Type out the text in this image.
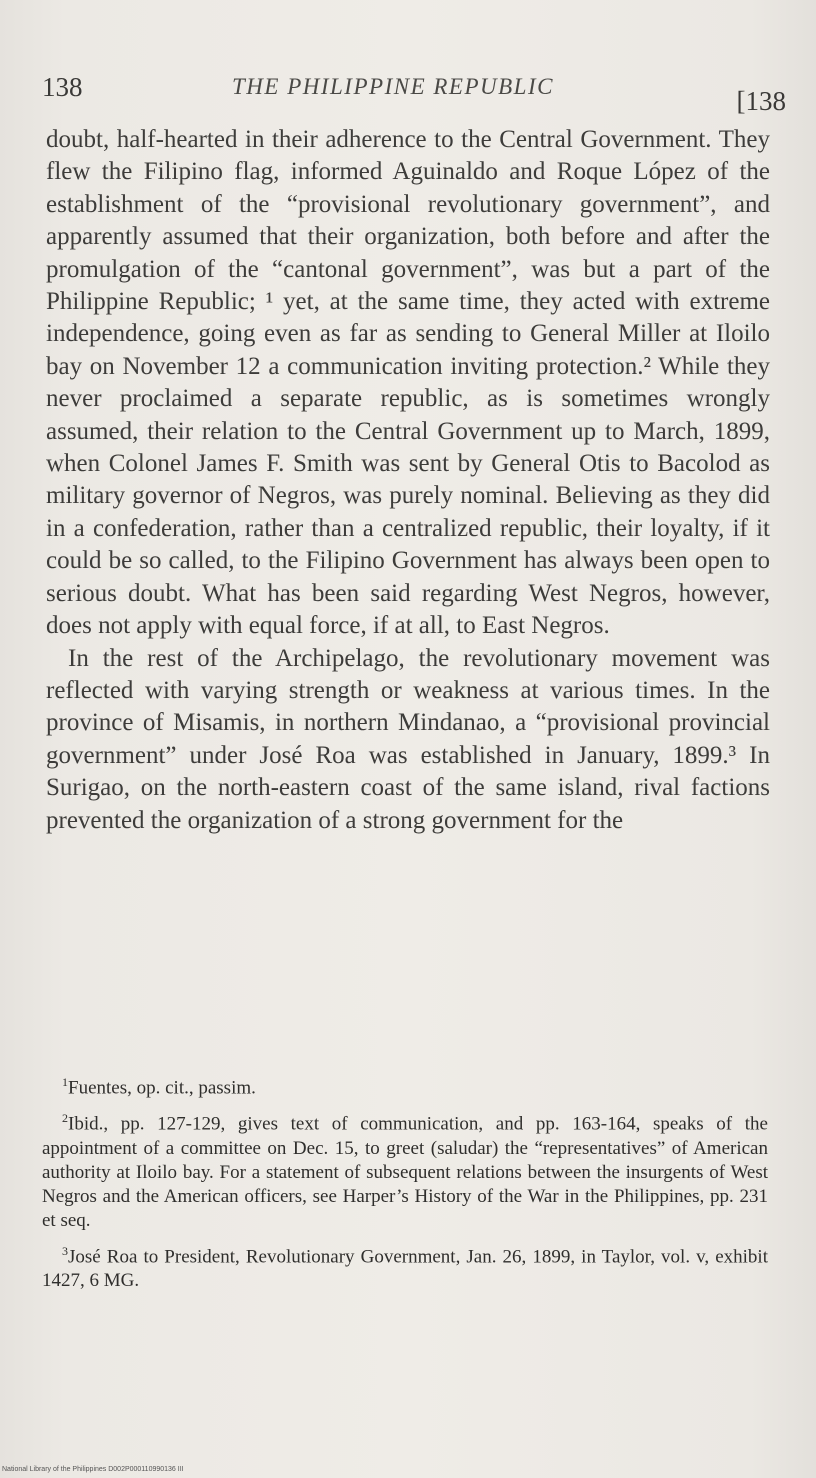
138	THE PHILIPPINE REPUBLIC	[138

doubt, half-hearted in their adherence to the Central Government. They flew the Filipino flag, informed Aguinaldo and Roque López of the establishment of the “provisional revolutionary government”, and apparently assumed that their organization, both before and after the promulgation of the “cantonal government”, was but a part of the Philippine Republic; ¹ yet, at the same time, they acted with extreme independence, going even as far as sending to General Miller at Iloilo bay on November 12 a communication inviting protection.² While they never proclaimed a separate republic, as is sometimes wrongly assumed, their relation to the Central Government up to March, 1899, when Colonel James F. Smith was sent by General Otis to Bacolod as military governor of Negros, was purely nominal. Believing as they did in a confederation, rather than a centralized republic, their loyalty, if it could be so called, to the Filipino Government has always been open to serious doubt. What has been said regarding West Negros, however, does not apply with equal force, if at all, to East Negros.

In the rest of the Archipelago, the revolutionary movement was reflected with varying strength or weakness at various times. In the province of Misamis, in northern Mindanao, a “provisional provincial government” under José Roa was established in January, 1899.³ In Surigao, on the north-eastern coast of the same island, rival factions prevented the organization of a strong government for the

$^1$Fuentes, op. cit., passim.

$^2$Ibid., pp. 127-129, gives text of communication, and pp. 163-164, speaks of the appointment of a committee on Dec. 15, to greet (saludar) the “representatives” of American authority at Iloilo bay. For a statement of subsequent relations between the insurgents of West Negros and the American officers, see Harper’s History of the War in the Philippines, pp. 231 et seq.

$^3$José Roa to President, Revolutionary Government, Jan. 26, 1899, in Taylor, vol. v, exhibit 1427, 6 MG.

National Library of the Philippines D002P000110990136 III
